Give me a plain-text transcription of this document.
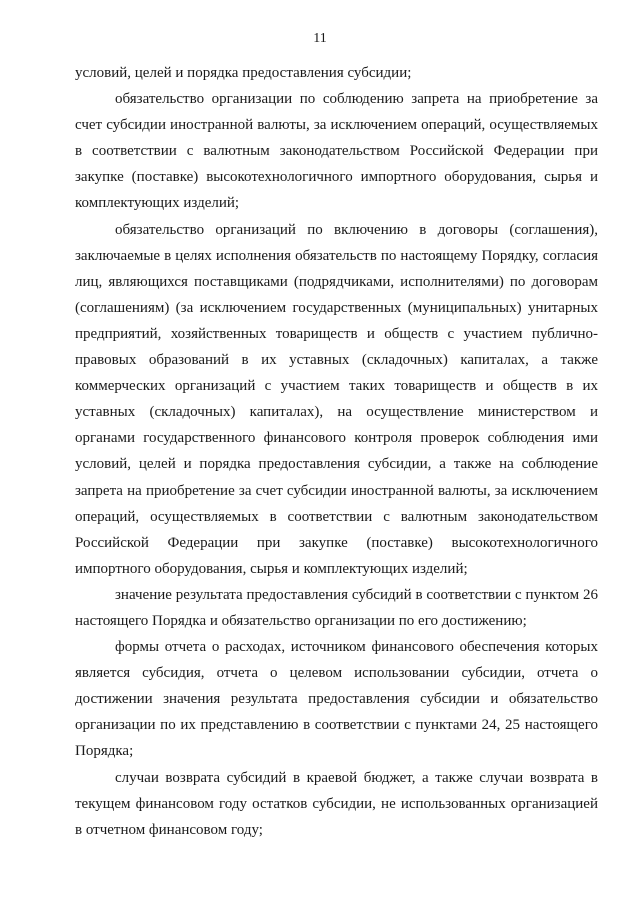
11

условий, целей и порядка предоставления субсидии;

обязательство организации по соблюдению запрета на приобретение за счет субсидии иностранной валюты, за исключением операций, осуществляемых в соответствии с валютным законодательством Российской Федерации при закупке (поставке) высокотехнологичного импортного оборудования, сырья и комплектующих изделий;

обязательство организаций по включению в договоры (соглашения), заключаемые в целях исполнения обязательств по настоящему Порядку, согласия лиц, являющихся поставщиками (подрядчиками, исполнителями) по договорам (соглашениям) (за исключением государственных (муниципальных) унитарных предприятий, хозяйственных товариществ и обществ с участием публично-правовых образований в их уставных (складочных) капиталах, а также коммерческих организаций с участием таких товариществ и обществ в их уставных (складочных) капиталах), на осуществление министерством и органами государственного финансового контроля проверок соблюдения ими условий, целей и порядка предоставления субсидии, а также на соблюдение запрета на приобретение за счет субсидии иностранной валюты, за исключением операций, осуществляемых в соответствии с валютным законодательством Российской Федерации при закупке (поставке) высокотехнологичного импортного оборудования, сырья и комплектующих изделий;

значение результата предоставления субсидий в соответствии с пунктом 26 настоящего Порядка и обязательство организации по его достижению;

формы отчета о расходах, источником финансового обеспечения которых является субсидия, отчета о целевом использовании субсидии, отчета о достижении значения результата предоставления субсидии и обязательство организации по их представлению в соответствии с пунктами 24, 25 настоящего Порядка;

случаи возврата субсидий в краевой бюджет, а также случаи возврата в текущем финансовом году остатков субсидии, не использованных организацией в отчетном финансовом году;
